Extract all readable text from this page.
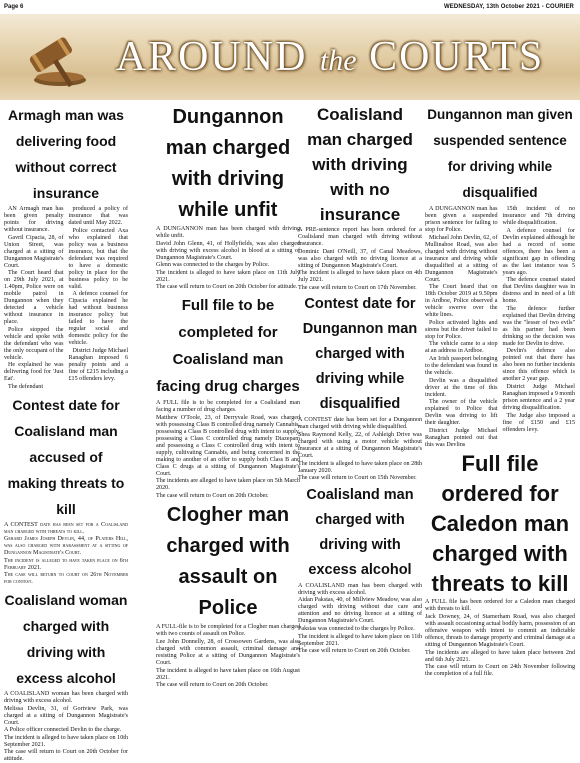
Page 6	WEDNESDAY, 13th October 2021 - COURIER
AROUND the COURTS
Armagh man was delivering food without correct insurance

AN Armagh man has been given penalty points for driving without insurance.

Gavril Cipacia, 28, of Union Street, was charged at a sitting of Dungannon Magistrate's Court.

The Court heard that on 29th July 2021, at 1.40pm, Police were on mobile patrol in Dungannon when they detected a vehicle without insurance in place.

Police stopped the vehicle and spoke with the defendant who was the only occupant of the vehicle.

He explained he was delivering food for 'Just Eat'.

The defendant

produced a policy of insurance that was dated until May 2022.

Police contacted Axa who explained that policy was a business insurance, but that the defendant was required to have a domestic policy in place for the business policy to be valid.

A defence counsel for Cipacia explained he had without business insurance policy but failed to have the regular social and domestic policy for the vehicle.

District Judge Michael Ranaghan imposed 6 penalty points and a fine of £215 including a £15 offenders levy.

Contest date for Coalisland man accused of making threats to kill

A CONTEST date has been set for a Coalisland man charged with threats to kill.

Gerard James Joseph Devlin, 44, of Platers Hill, was also charged with harassment at a sitting of Dungannon Magistrate's Court.

The incident is alleged to have taken place on 6th February 2021.

The case will return to court on 26th November for contest.

Coalisland woman charged with driving with excess alcohol

A COALISLAND woman has been charged with driving with excess alcohol.

Melissa Devlin, 31, of Gortview Park, was charged at a sitting of Dungannon Magistrate's Court.

A Police officer connected Devlin to the charge.

The incident is alleged to have taken place on 10th September 2021.

The case will return to Court on 20th October for attitude.

Dungannon man charged with driving while unfit

A DUNGANNON man has been charged with driving while unfit.

David John Glenn, 41, of Hollyfields, was also charged with driving with excess alcohol in blood at a sitting of Dungannon Magistrate's Court.

Glenn was connected to the charges by Police.

The incident is alleged to have taken place on 11th July 2021.

The case will return to Court on 20th October for attitude.

Full file to be completed for Coalisland man facing drug charges

A FULL file is to be completed for a Coalisland man facing a number of drug charges.

Matthew O'Toole, 23, of Derryvale Road, was charged with possessing Class B controlled drug namely Cannabis, possessing a Class B controlled drug with intent to supply, possessing a Class C controlled drug namely Diazepam and possessing a Class C controlled drug with intent to supply, cultivating Cannabis, and being concerned in the making to another of an offer to supply both Class B and Class C drugs at a sitting of Dungannon Magistrate's Court.

The incidents are alleged to have taken place on 5th March 2020.

The case will return to Court on 20th October.

Clogher man charged with assault on Police

A FULL-file is to be completed for a Clogher man charged with two counts of assault on Police.

Lee John Donnelly, 28, of Crossowen Gardens, was also charged with common assault, criminal damage and resisting Police at a sitting of Dungannon Magistrate's Court.

The incident is alleged to have taken place on 16th August 2021.

The case will return to Court on 20th October.

Coalisland man charged with driving with no insurance

A PRE-sentence report has been ordered for a Coalisland man charged with driving without insurance.

Dominic Dani O'Neill, 37, of Canal Meadows, was also charged with no driving licence at a sitting of Dungannon Magistrate's Court.

The incident is alleged to have taken place on 4th July 2021.

The case will return to Court on 17th November.

Contest date for Dungannon man charged with driving while disqualified

A CONTEST date has been set for a Dungannon man charged with driving while disqualified.

Shea Raymond Kelly, 22, of Ashleigh Drive was charged with using a motor vehicle without insurance at a sitting of Dungannon Magistrate's Court.

The incident is alleged to have taken place on 28th January 2020.

The case will return to Court on 15th November.

Coalisland man charged with driving with excess alcohol

A COALISLAND man has been charged with driving with excess alcohol.

Aidan Pakstas, 40, of Millview Meadow, was also charged with driving without due care and attention and no driving licence at a sitting of Dungannon Magistrate's Court.

Pakstas was connected to the charges by Police.

The incident is alleged to have taken place on 11th September 2021.

The case will return to Court on 20th October.

Dungannon man given suspended sentence for driving while disqualified

A DUNGANNON man has been given a suspended prison sentence for failing to stop for Police.

Michael John Devlin, 62, of Mullinahoe Road, was also charged with driving without insurance and driving while disqualified at a sitting of Dungannon Magistrate's Court.

The Court heard that on 18th October 2019 at 9.50pm in Ardboe, Police observed a vehicle swerve over the white lines.

Police activated lights and sirens but the driver failed to stop for Police.

The vehicle came to a stop at an address in Ardboe.

An Irish passport belonging to the defendant was found in the vehicle.

Devlin was a disqualified driver at the time of this incident.

The owner of the vehicle explained to Police that Devlin was driving to lift their daughter.

District Judge Michael Ranaghan pointed out that this was Devlins

15th incident of no insurance and 7th driving while disqualification.

A defence counsel for Devlin explained although he had a record of some offences, there has been a significant gap in offending as the last instance was 5 years ago.

The defence counsel stated that Devlins daughter was in distress and in need of a lift home.

The defence further explained that Devlin driving was the "lesser of two evils" as his partner had been drinking so the decision was made for Devlin to drive.

Devlin's defence also pointed out that there has also been no further incidents since this offence which is another 2 year gap.

District Judge Michael Ranaghan imposed a 9 month prison sentence and a 2 year driving disqualification.

The Judge also imposed a fine of £150 and £15 offenders levy.

Full file ordered for Caledon man charged with threats to kill

A FULL file has been ordered for a Caledon man charged with threats to kill.

Jack Downey, 24, of Stamerham Road, was also charged with assault occasioning actual bodily harm, possession of an offensive weapon with intent to commit an indictable offence, threats to damage property and criminal damage at a sitting of Dungannon Magistrate's Court.

The incidents are alleged to have taken place between 2nd and 6th July 2021.

The case will return to Court on 24th November following the completion of a full file.
